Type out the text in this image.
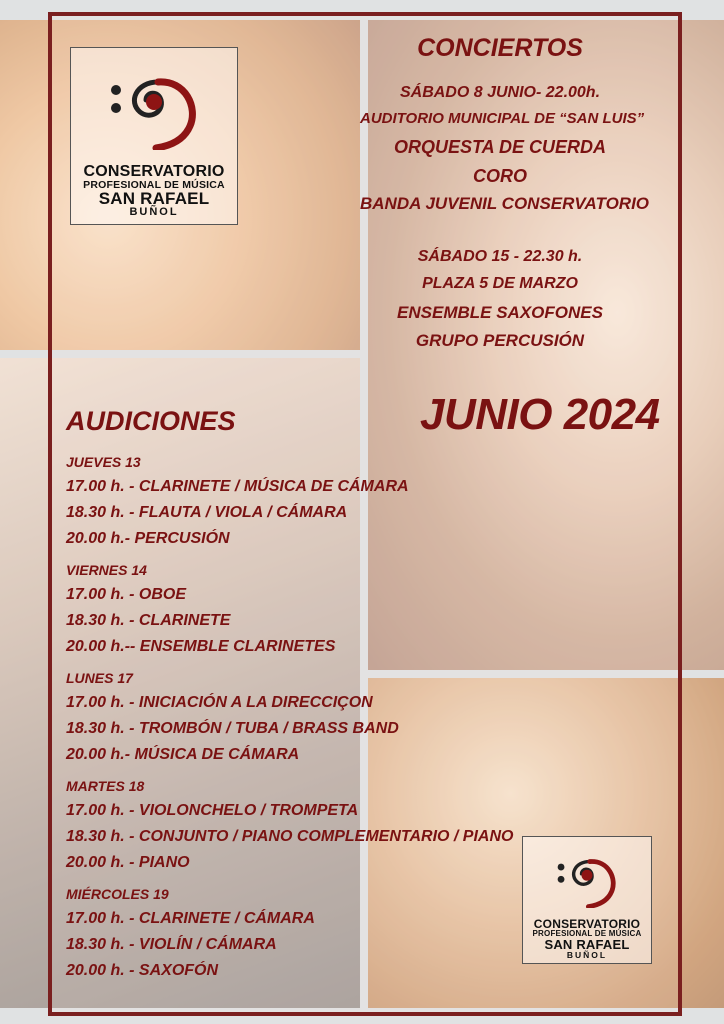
CONSERVATORIO
PROFESIONAL DE MÚSICA
SAN RAFAEL
BUÑOL
CONSERVATORIO
PROFESIONAL DE MÚSICA
SAN RAFAEL
BUÑOL
CONCIERTOS
SÁBADO 8 JUNIO- 22.00h.
AUDITORIO MUNICIPAL DE “SAN LUIS”
ORQUESTA DE CUERDA
CORO
BANDA JUVENIL CONSERVATORIO
SÁBADO 15 - 22.30 h.
PLAZA 5 DE MARZO
ENSEMBLE SAXOFONES
GRUPO PERCUSIÓN
JUNIO 2024
AUDICIONES
JUEVES 13
17.00 h. - CLARINETE / MÚSICA DE CÁMARA
18.30 h. - FLAUTA / VIOLA / CÁMARA
20.00 h.- PERCUSIÓN
VIERNES 14
17.00 h. - OBOE
18.30 h. - CLARINETE
20.00 h.-- ENSEMBLE CLARINETES
LUNES 17
17.00 h. - INICIACIÓN A LA DIRECCIÇON
18.30 h. - TROMBÓN / TUBA / BRASS BAND
20.00 h.- MÚSICA DE CÁMARA
MARTES 18
17.00 h. - VIOLONCHELO / TROMPETA
18.30 h. - CONJUNTO / PIANO COMPLEMENTARIO / PIANO
20.00 h. - PIANO
MIÉRCOLES 19
17.00 h. - CLARINETE / CÁMARA
18.30 h. - VIOLÍN / CÁMARA
20.00 h. - SAXOFÓN
